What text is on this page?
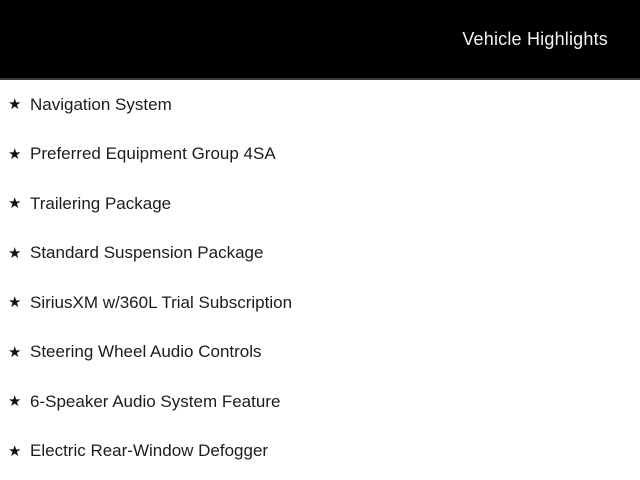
Vehicle Highlights
★ Navigation System
★ Preferred Equipment Group 4SA
★ Trailering Package
★ Standard Suspension Package
★ SiriusXM w/360L Trial Subscription
★ Steering Wheel Audio Controls
★ 6-Speaker Audio System Feature
★ Electric Rear-Window Defogger
